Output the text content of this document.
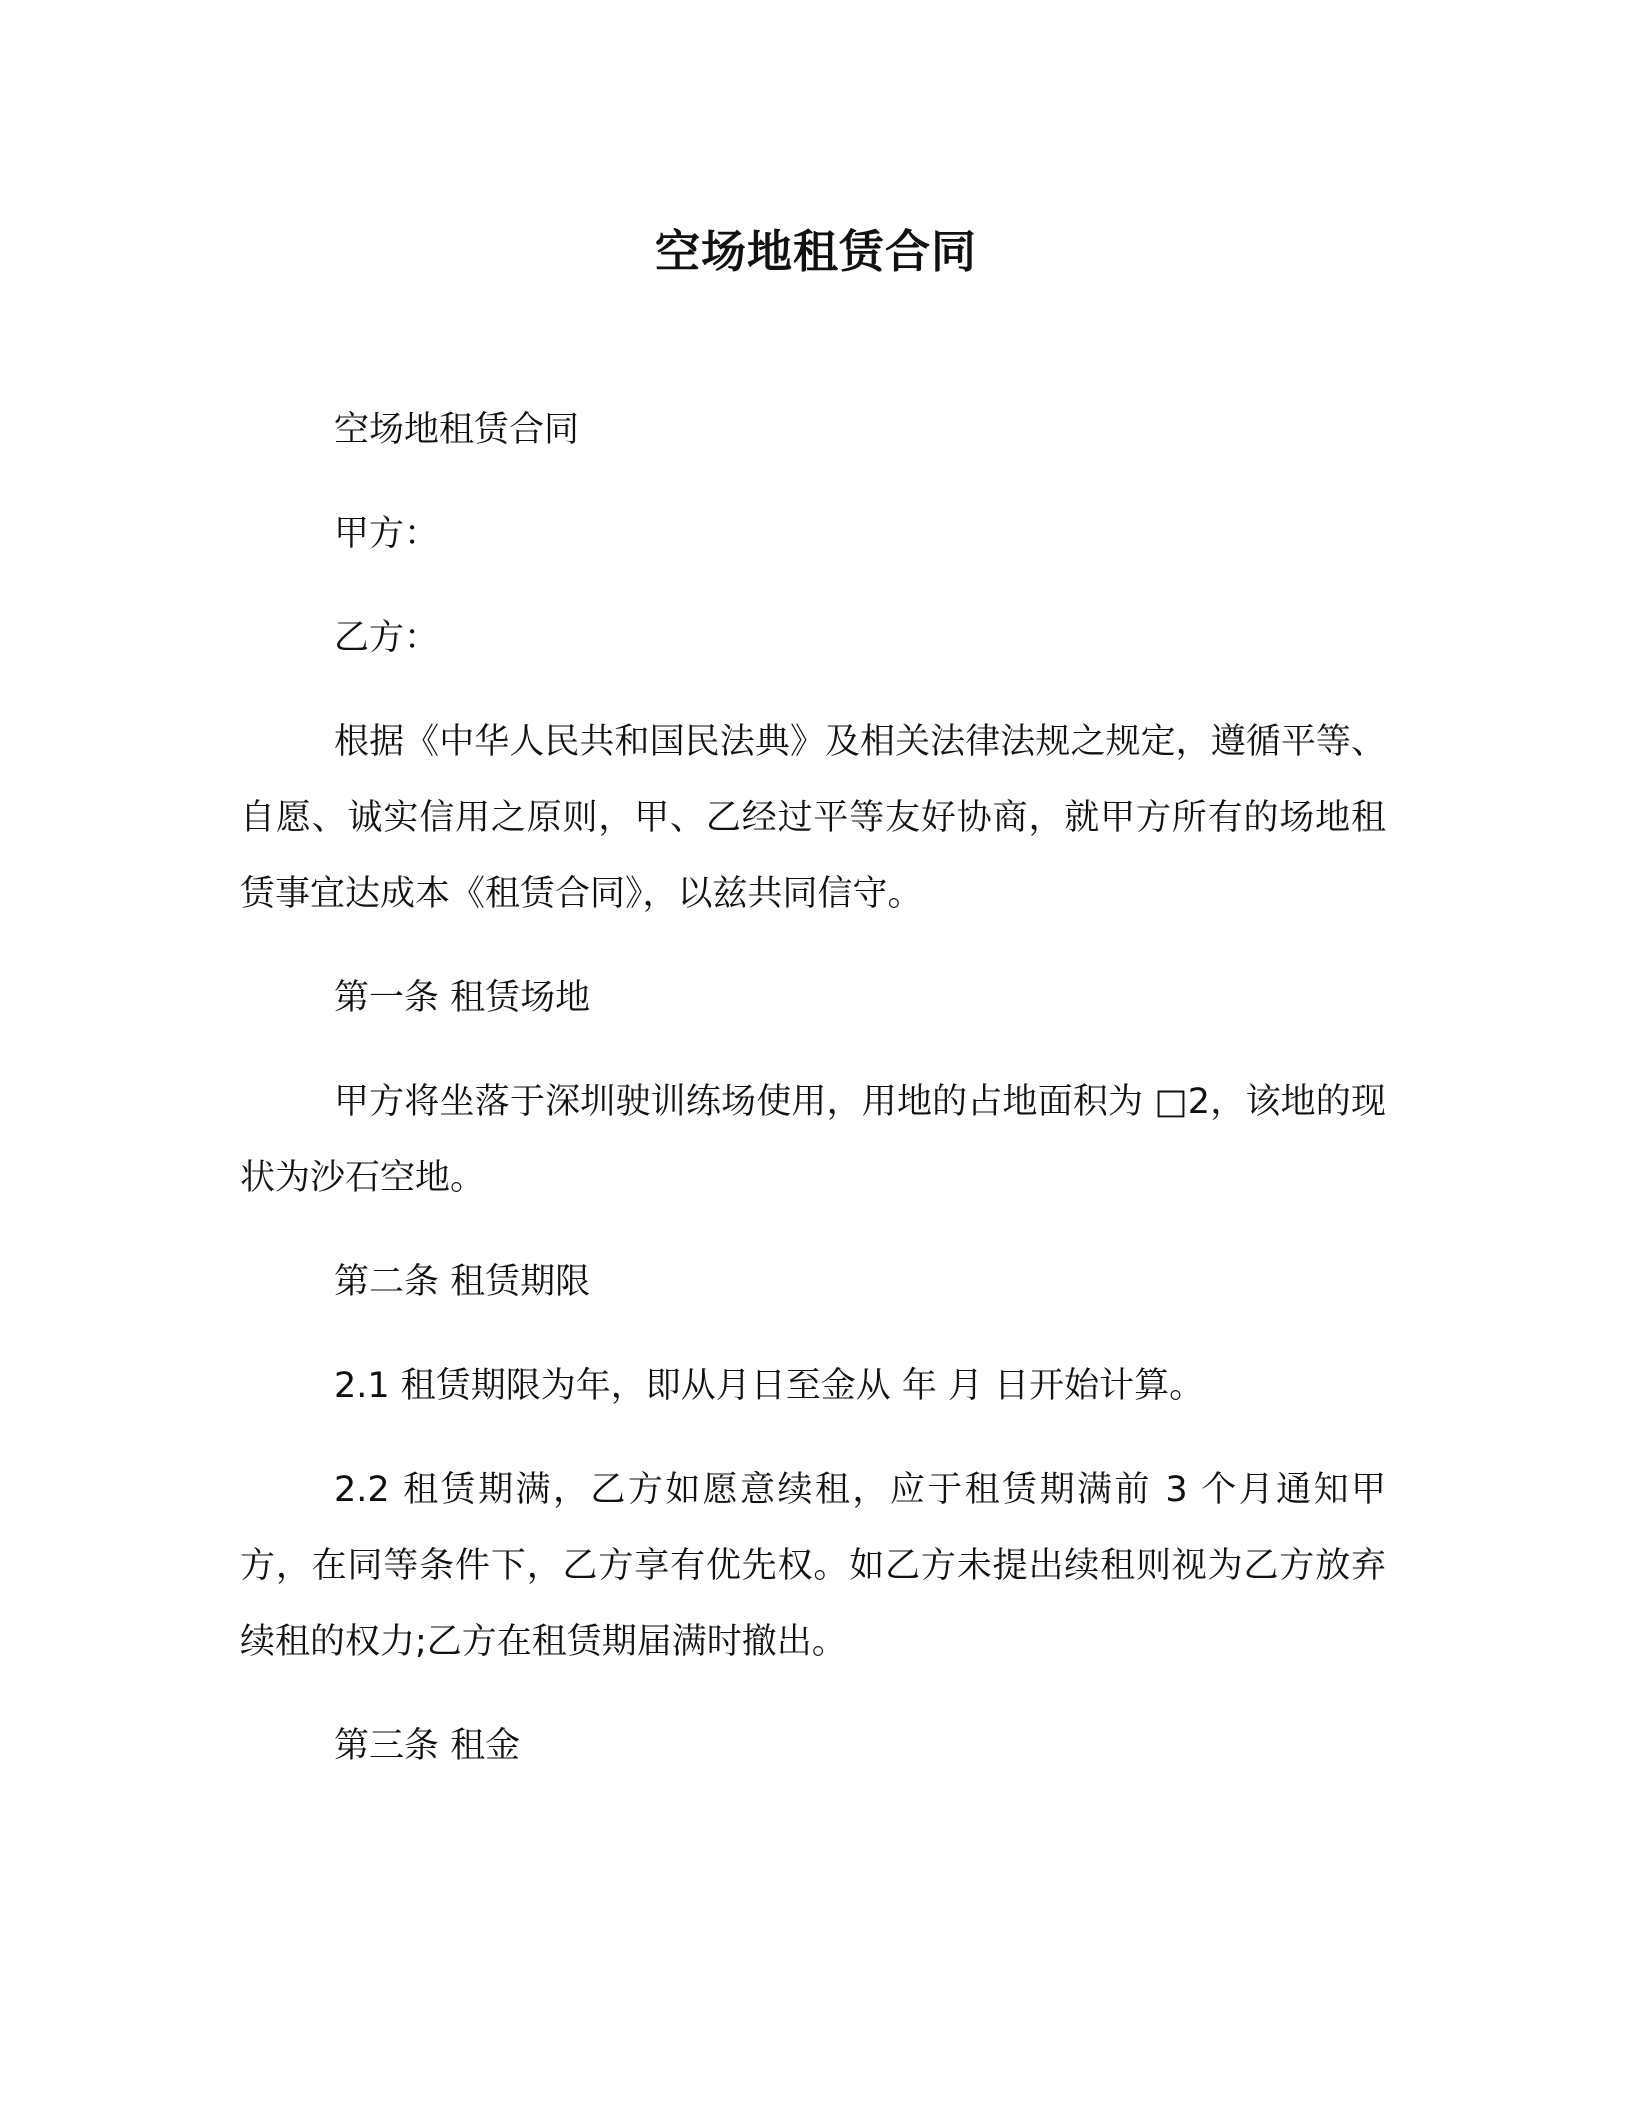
空场地租赁合同

空场地租赁合同

甲方：

乙方：

根据《中华人民共和国民法典》及相关法律法规之规定，遵循平等、自愿、诚实信用之原则，甲、乙经过平等友好协商，就甲方所有的场地租赁事宜达成本《租赁合同》，以兹共同信守。

第一条 租赁场地

甲方将坐落于深圳驶训练场使用，用地的占地面积为 □2，该地的现状为沙石空地。

第二条 租赁期限

2.1 租赁期限为年，即从月日至金从 年 月 日开始计算。

2.2 租赁期满，乙方如愿意续租，应于租赁期满前 3 个月通知甲方，在同等条件下，乙方享有优先权。如乙方未提出续租则视为乙方放弃续租的权力;乙方在租赁期届满时撤出。

第三条 租金
